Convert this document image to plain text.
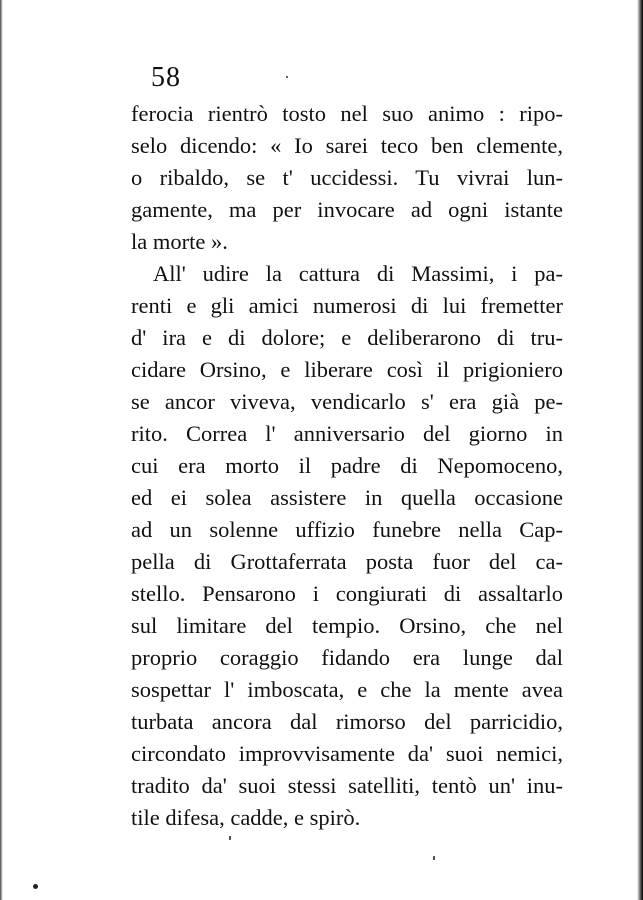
58
ferocia rientrò tosto nel suo animo : ripo-
selo dicendo: « Io sarei teco ben clemente,
o ribaldo, se t' uccidessi. Tu vivrai lun-
gamente, ma per invocare ad ogni istante
la morte ».
All' udire la cattura di Massimi, i pa-
renti e gli amici numerosi di lui fremetter
d' ira e di dolore; e deliberarono di tru-
cidare Orsino, e liberare così il prigioniero
se ancor viveva, vendicarlo s' era già pe-
rito. Correa l' anniversario del giorno in
cui era morto il padre di Nepomoceno,
ed ei solea assistere in quella occasione
ad un solenne uffizio funebre nella Cap-
pella di Grottaferrata posta fuor del ca-
stello. Pensarono i congiurati di assaltarlo
sul limitare del tempio. Orsino, che nel
proprio coraggio fidando era lunge dal
sospettar l' imboscata, e che la mente avea
turbata ancora dal rimorso del parricidio,
circondato improvvisamente da' suoi nemici,
tradito da' suoi stessi satelliti, tentò un' inu-
tile difesa, cadde, e spirò.
